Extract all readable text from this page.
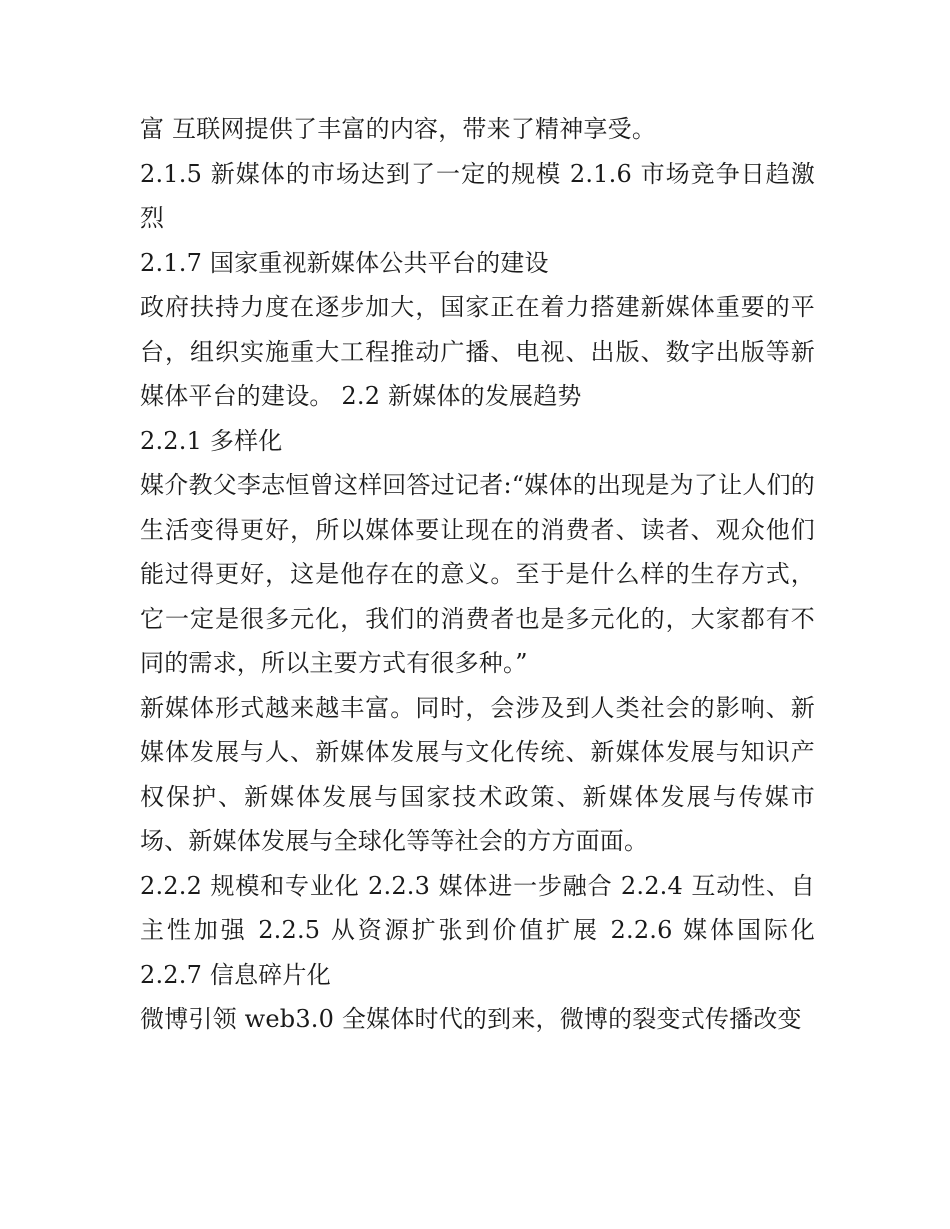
富 互联网提供了丰富的内容，带来了精神享受。

2.1.5 新媒体的市场达到了一定的规模 2.1.6 市场竞争日趋激烈

2.1.7 国家重视新媒体公共平台的建设

政府扶持力度在逐步加大，国家正在着力搭建新媒体重要的平台，组织实施重大工程推动广播、电视、出版、数字出版等新媒体平台的建设。 2.2 新媒体的发展趋势

2.2.1 多样化

媒介教父李志恒曾这样回答过记者:“媒体的出现是为了让人们的生活变得更好，所以媒体要让现在的消费者、读者、观众他们能过得更好，这是他存在的意义。至于是什么样的生存方式，它一定是很多元化，我们的消费者也是多元化的，大家都有不同的需求，所以主要方式有很多种。”

新媒体形式越来越丰富。同时，会涉及到人类社会的影响、新媒体发展与人、新媒体发展与文化传统、新媒体发展与知识产权保护、新媒体发展与国家技术政策、新媒体发展与传媒市场、新媒体发展与全球化等等社会的方方面面。

2.2.2 规模和专业化 2.2.3 媒体进一步融合 2.2.4 互动性、自主性加强 2.2.5 从资源扩张到价值扩展 2.2.6 媒体国际化 2.2.7 信息碎片化

微博引领 web3.0 全媒体时代的到来，微博的裂变式传播改变
